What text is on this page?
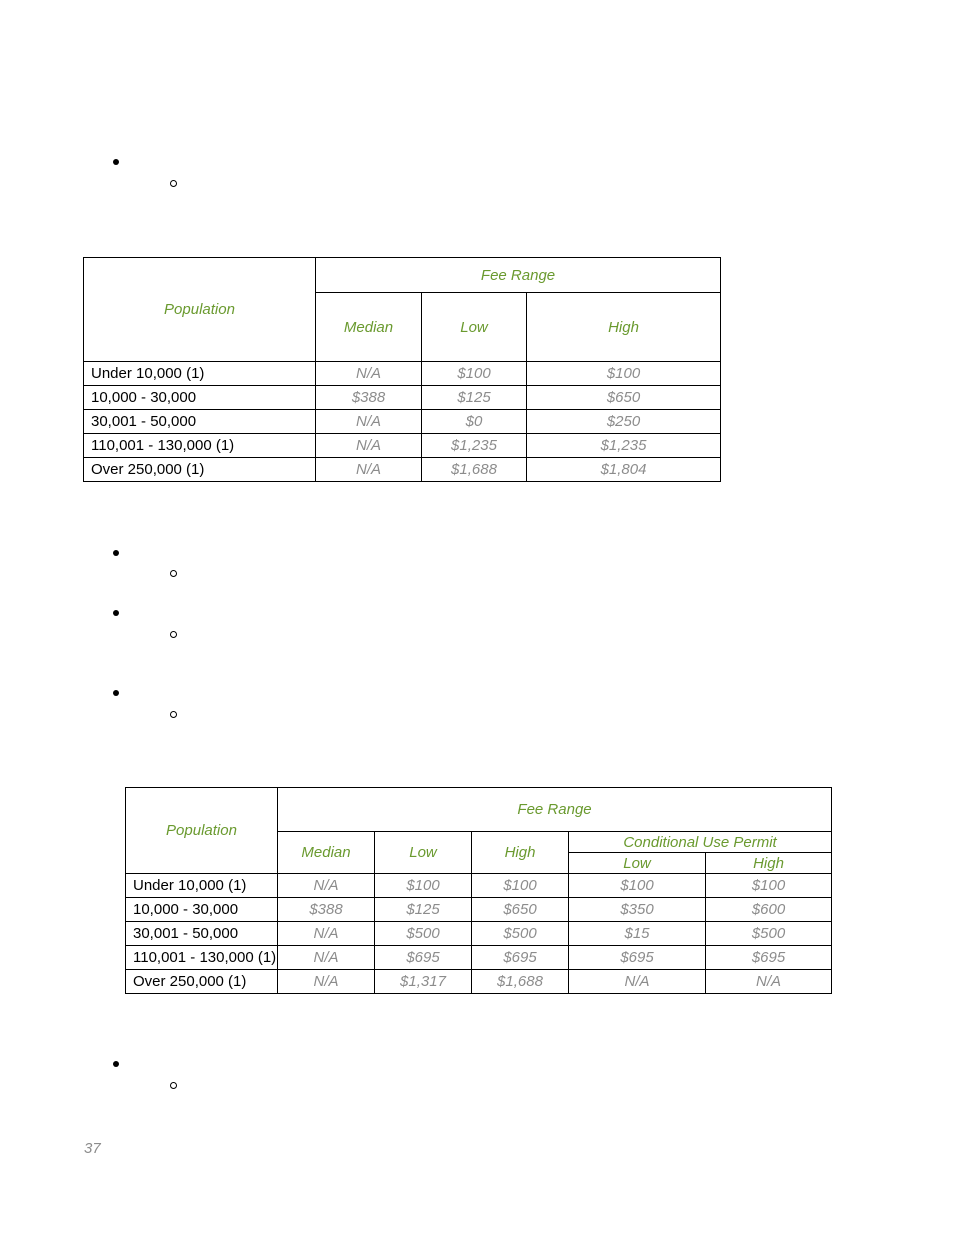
Population	Fee Range		
	Median	Low	High
Under 10,000 (1)	N/A	$100	$100
10,000 - 30,000	$388	$125	$650
30,001 - 50,000	N/A	$0	$250
110,001 - 130,000 (1)	N/A	$1,235	$1,235
Over 250,000 (1)	N/A	$1,688	$1,804
Population	Fee Range				
	Median	Low	High	Conditional Use Permit	
				Low	High
Under 10,000 (1)	N/A	$100	$100	$100	$100
10,000 - 30,000	$388	$125	$650	$350	$600
30,001 - 50,000	N/A	$500	$500	$15	$500
110,001 - 130,000 (1)	N/A	$695	$695	$695	$695
Over 250,000 (1)	N/A	$1,317	$1,688	N/A	N/A
37
